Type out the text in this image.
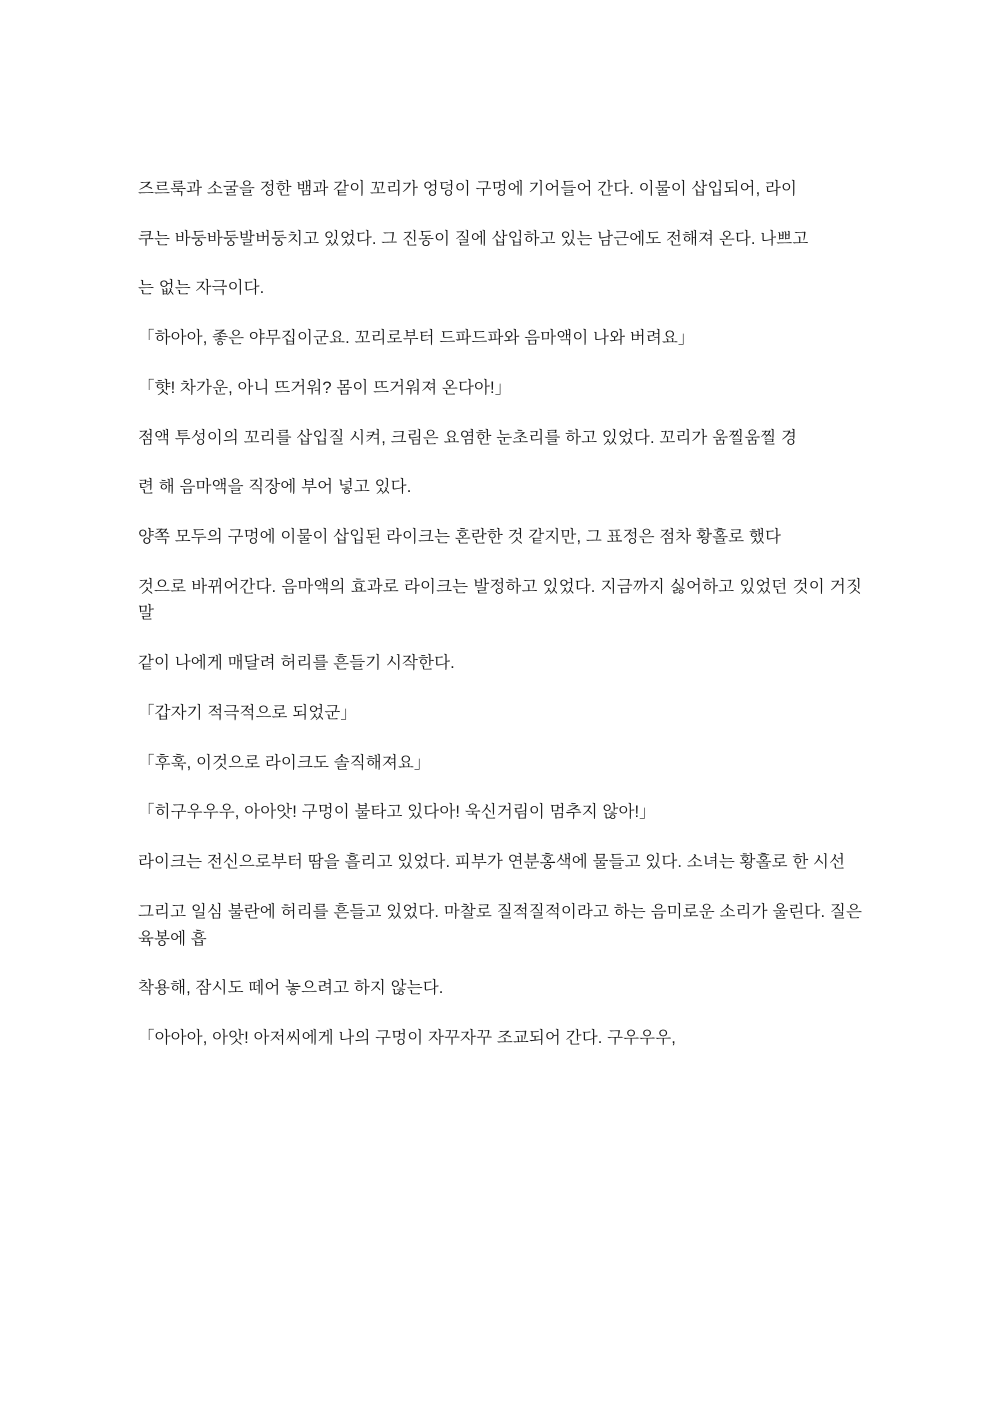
즈르룩과 소굴을 정한 뱀과 같이 꼬리가 엉덩이 구멍에 기어들어 간다. 이물이 삽입되어, 라이

쿠는 바둥바둥발버둥치고 있었다. 그 진동이 질에 삽입하고 있는 남근에도 전해져 온다. 나쁘고

는 없는 자극이다.

「하아아, 좋은 야무집이군요. 꼬리로부터 드파드파와 음마액이 나와 버려요」

「햣! 차가운, 아니 뜨거워? 몸이 뜨거워져 온다아!」

점액 투성이의 꼬리를 삽입질 시켜, 크림은 요염한 눈초리를 하고 있었다. 꼬리가 움찔움찔 경

련 해 음마액을 직장에 부어 넣고 있다.

양쪽 모두의 구멍에 이물이 삽입된 라이크는 혼란한 것 같지만, 그 표정은 점차 황홀로 했다

것으로 바뀌어간다. 음마액의 효과로 라이크는 발정하고 있었다. 지금까지 싫어하고 있었던 것이 거짓말

같이 나에게 매달려 허리를 흔들기 시작한다.

「갑자기 적극적으로 되었군」

「후훅, 이것으로 라이크도 솔직해져요」

「히구우우우, 아아앗! 구멍이 불타고 있다아! 욱신거림이 멈추지 않아!」

라이크는 전신으로부터 땀을 흘리고 있었다. 피부가 연분홍색에 물들고 있다. 소녀는 황홀로 한 시선

그리고 일심 불란에 허리를 흔들고 있었다. 마찰로 질적질적이라고 하는 음미로운 소리가 울린다. 질은 육봉에 흡

착용해, 잠시도 떼어 놓으려고 하지 않는다.

「아아아, 아앗! 아저씨에게 나의 구멍이 자꾸자꾸 조교되어 간다. 구우우우,
